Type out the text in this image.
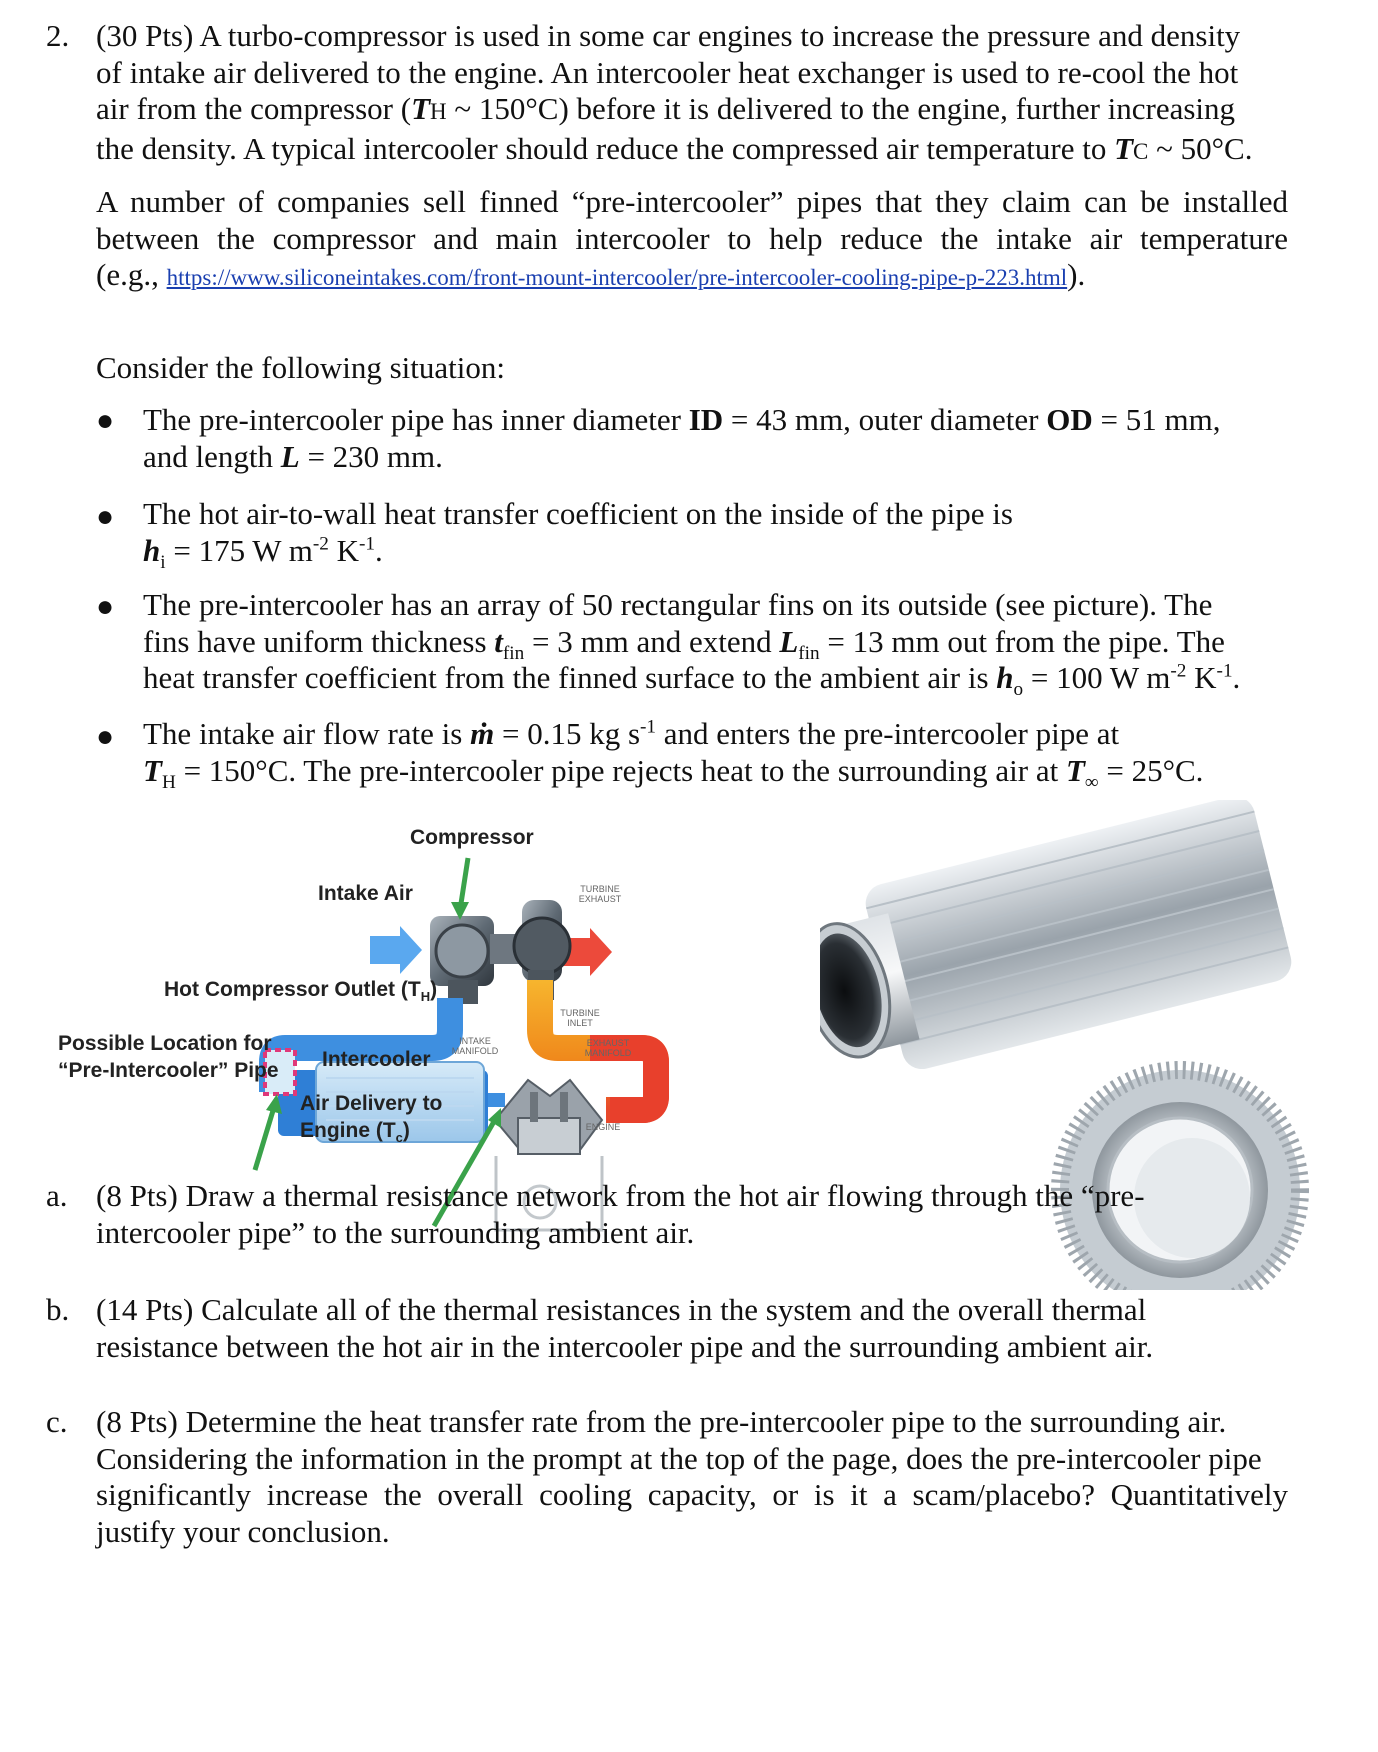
2. (30 Pts) A turbo-compressor is used in some car engines to increase the pressure and density
of intake air delivered to the engine. An intercooler heat exchanger is used to re-cool the hot
air from the compressor (TH ~ 150°C) before it is delivered to the engine, further increasing
the density. A typical intercooler should reduce the compressed air temperature to TC ~ 50°C.
A number of companies sell finned “pre-intercooler” pipes that they claim can be installed
between the compressor and main intercooler to help reduce the intake air temperature
(e.g., https://www.siliconeintakes.com/front-mount-intercooler/pre-intercooler-cooling-pipe-p-223.html).
Consider the following situation:
● The pre-intercooler pipe has inner diameter ID = 43 mm, outer diameter OD = 51 mm,
and length L = 230 mm.
● The hot air-to-wall heat transfer coefficient on the inside of the pipe is
$h_i = 175$ W $m^{-2}$ $K^{-1}$.
● The pre-intercooler has an array of 50 rectangular fins on its outside (see picture). The
fins have uniform thickness $t_{fin} = 3$ mm and extend $L_{fin} = 13$ mm out from the pipe. The
heat transfer coefficient from the finned surface to the ambient air is $h_o = 100$ W $m^{-2}$ $K^{-1}$.
● The intake air flow rate is ṁ = 0.15 kg $s^{-1}$ and enters the pre-intercooler pipe at
$T_H = 150^\circ C$. The pre-intercooler pipe rejects heat to the surrounding air at $T_\infty = 25^\circ C$.
Compressor
Intake Air
Hot Compressor Outlet $(T_H)$
Possible Location for
“Pre-Intercooler” Pipe Intercooler
Air Delivery to
Engine $(T_c)$
TURBINE
EXHAUST
TURBINE
INLET
INTAKE
MANIFOLD
EXHAUST
MANIFOLD
ENGINE
a. (8 Pts) Draw a thermal resistance network from the hot air flowing through the “pre-
intercooler pipe” to the surrounding ambient air.
b. (14 Pts) Calculate all of the thermal resistances in the system and the overall thermal
resistance between the hot air in the intercooler pipe and the surrounding ambient air.
c. (8 Pts) Determine the heat transfer rate from the pre-intercooler pipe to the surrounding air.
Considering the information in the prompt at the top of the page, does the pre-intercooler pipe
significantly increase the overall cooling capacity, or is it a scam/placebo? Quantitatively
justify your conclusion.
